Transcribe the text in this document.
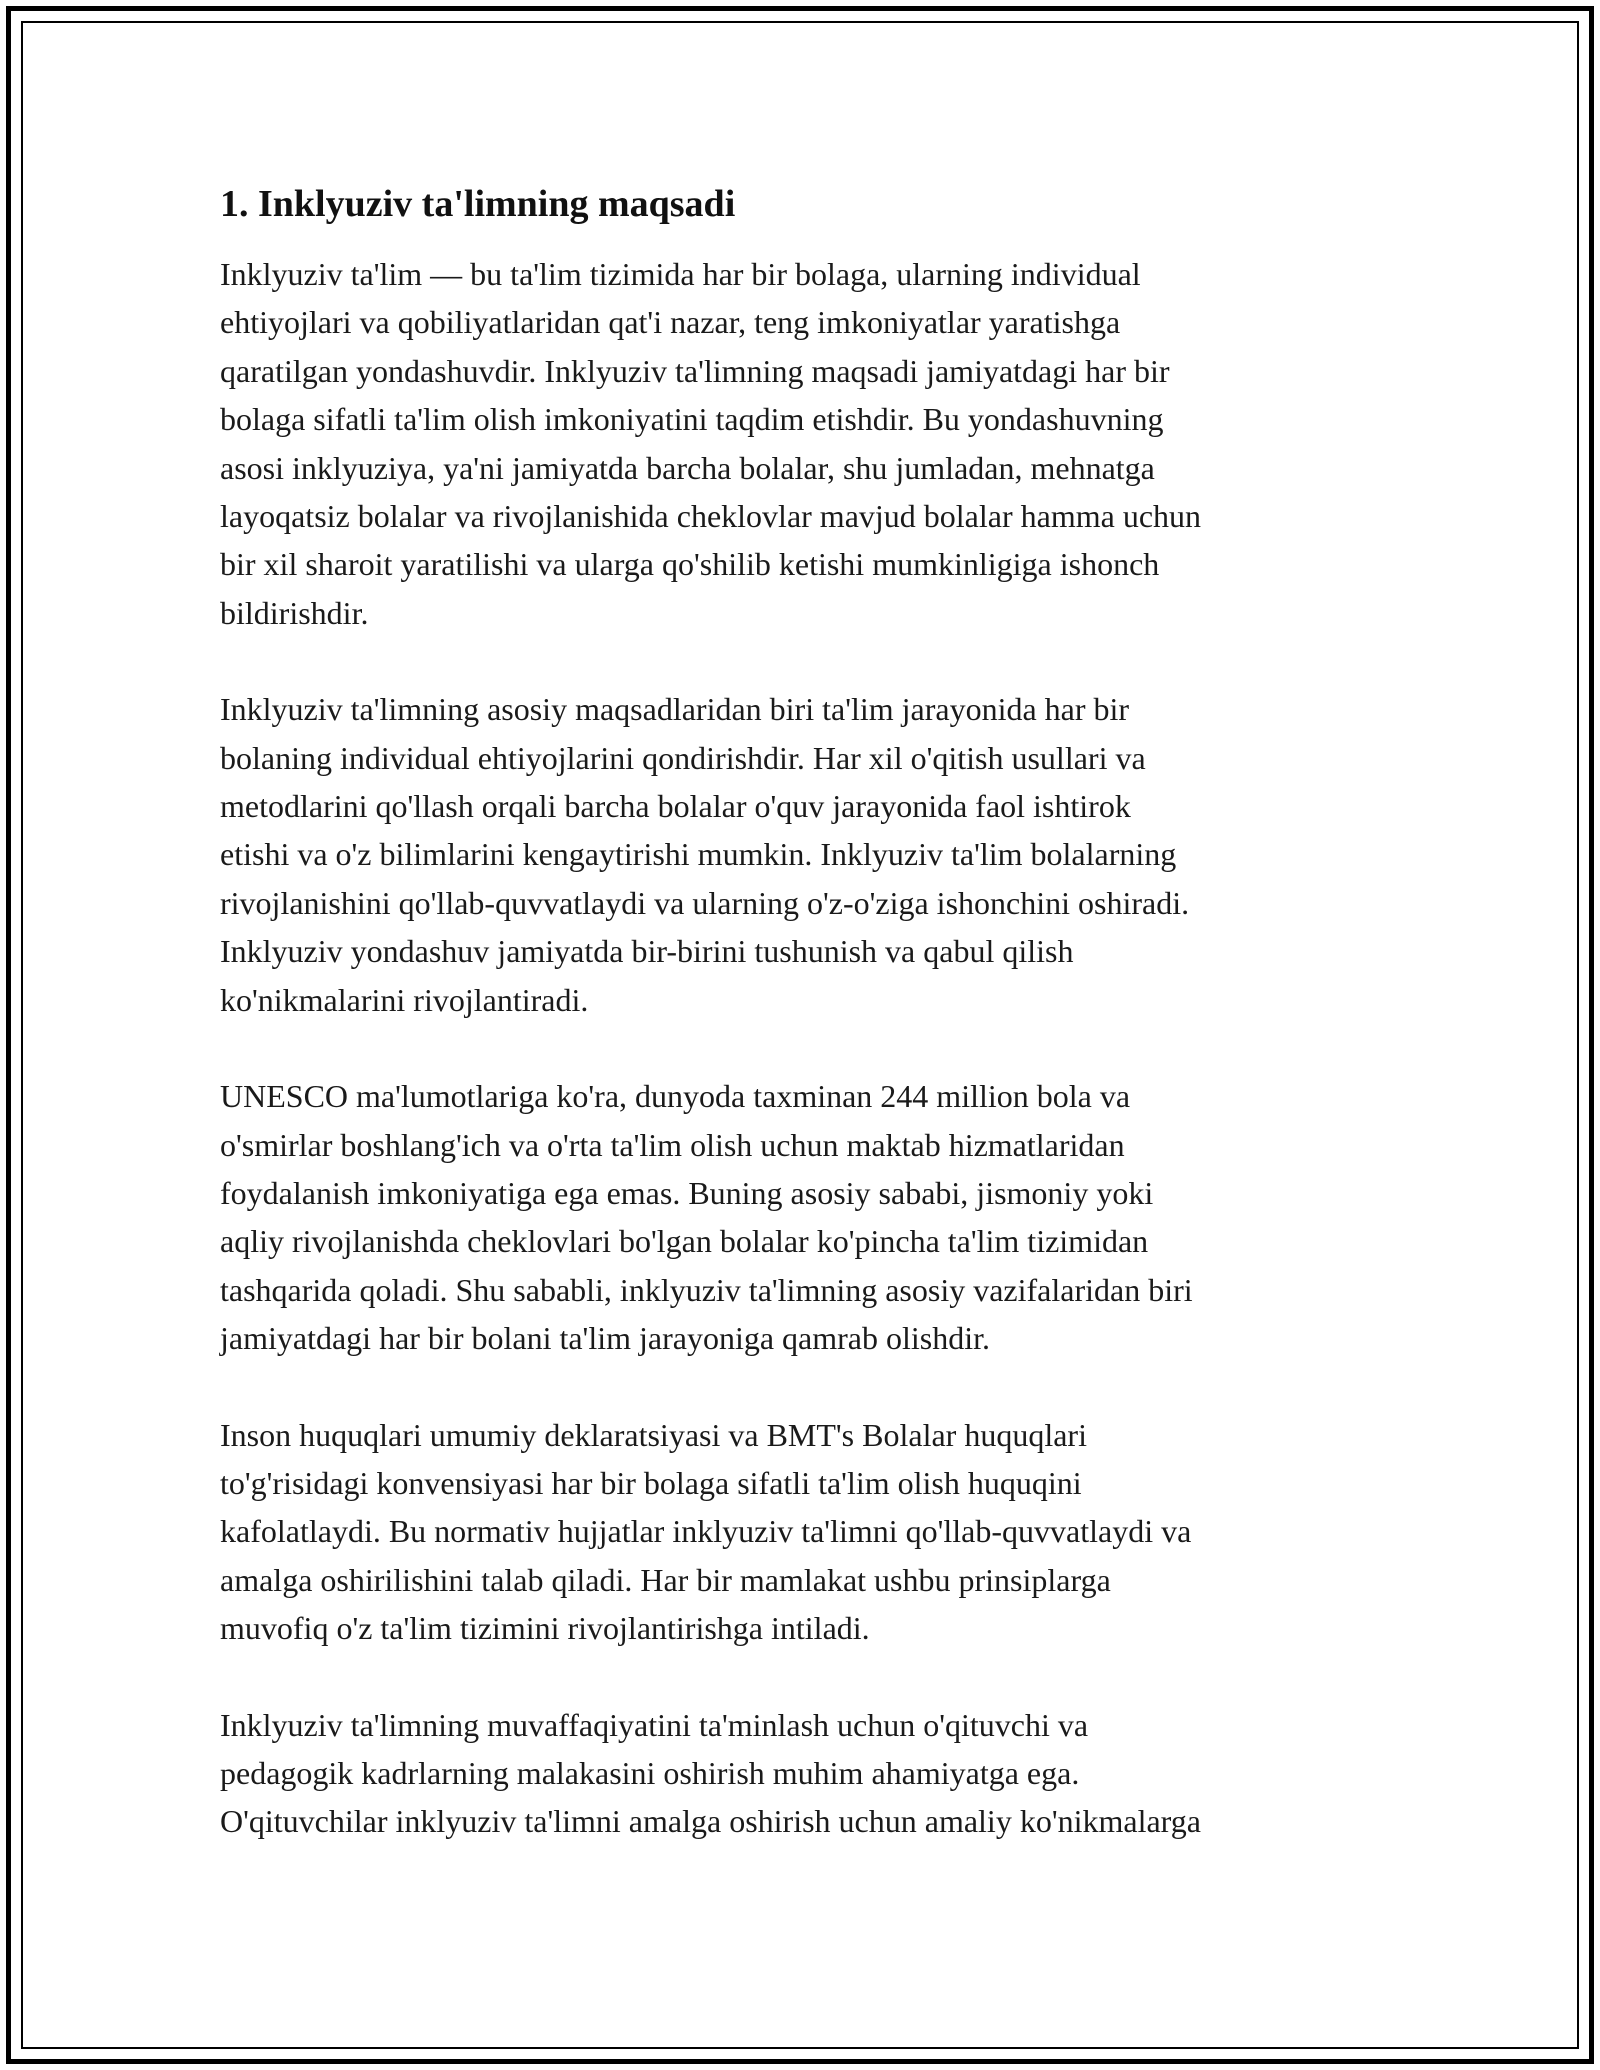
1. Inklyuziv ta'limning maqsadi
Inklyuziv ta'lim — bu ta'lim tizimida har bir bolaga, ularning individual
ehtiyojlari va qobiliyatlaridan qat'i nazar, teng imkoniyatlar yaratishga
qaratilgan yondashuvdir. Inklyuziv ta'limning maqsadi jamiyatdagi har bir
bolaga sifatli ta'lim olish imkoniyatini taqdim etishdir. Bu yondashuvning
asosi inklyuziya, ya'ni jamiyatda barcha bolalar, shu jumladan, mehnatga
layoqatsiz bolalar va rivojlanishida cheklovlar mavjud bolalar hamma uchun
bir xil sharoit yaratilishi va ularga qo'shilib ketishi mumkinligiga ishonch
bildirishdir.
Inklyuziv ta'limning asosiy maqsadlaridan biri ta'lim jarayonida har bir
bolaning individual ehtiyojlarini qondirishdir. Har xil o'qitish usullari va
metodlarini qo'llash orqali barcha bolalar o'quv jarayonida faol ishtirok
etishi va o'z bilimlarini kengaytirishi mumkin. Inklyuziv ta'lim bolalarning
rivojlanishini qo'llab-quvvatlaydi va ularning o'z-o'ziga ishonchini oshiradi.
Inklyuziv yondashuv jamiyatda bir-birini tushunish va qabul qilish
ko'nikmalarini rivojlantiradi.
UNESCO ma'lumotlariga ko'ra, dunyoda taxminan 244 million bola va
o'smirlar boshlang'ich va o'rta ta'lim olish uchun maktab hizmatlaridan
foydalanish imkoniyatiga ega emas. Buning asosiy sababi, jismoniy yoki
aqliy rivojlanishda cheklovlari bo'lgan bolalar ko'pincha ta'lim tizimidan
tashqarida qoladi. Shu sababli, inklyuziv ta'limning asosiy vazifalaridan biri
jamiyatdagi har bir bolani ta'lim jarayoniga qamrab olishdir.
Inson huquqlari umumiy deklaratsiyasi va BMT's Bolalar huquqlari
to'g'risidagi konvensiyasi har bir bolaga sifatli ta'lim olish huquqini
kafolatlaydi. Bu normativ hujjatlar inklyuziv ta'limni qo'llab-quvvatlaydi va
amalga oshirilishini talab qiladi. Har bir mamlakat ushbu prinsiplarga
muvofiq o'z ta'lim tizimini rivojlantirishga intiladi.
Inklyuziv ta'limning muvaffaqiyatini ta'minlash uchun o'qituvchi va
pedagogik kadrlarning malakasini oshirish muhim ahamiyatga ega.
O'qituvchilar inklyuziv ta'limni amalga oshirish uchun amaliy ko'nikmalarga
